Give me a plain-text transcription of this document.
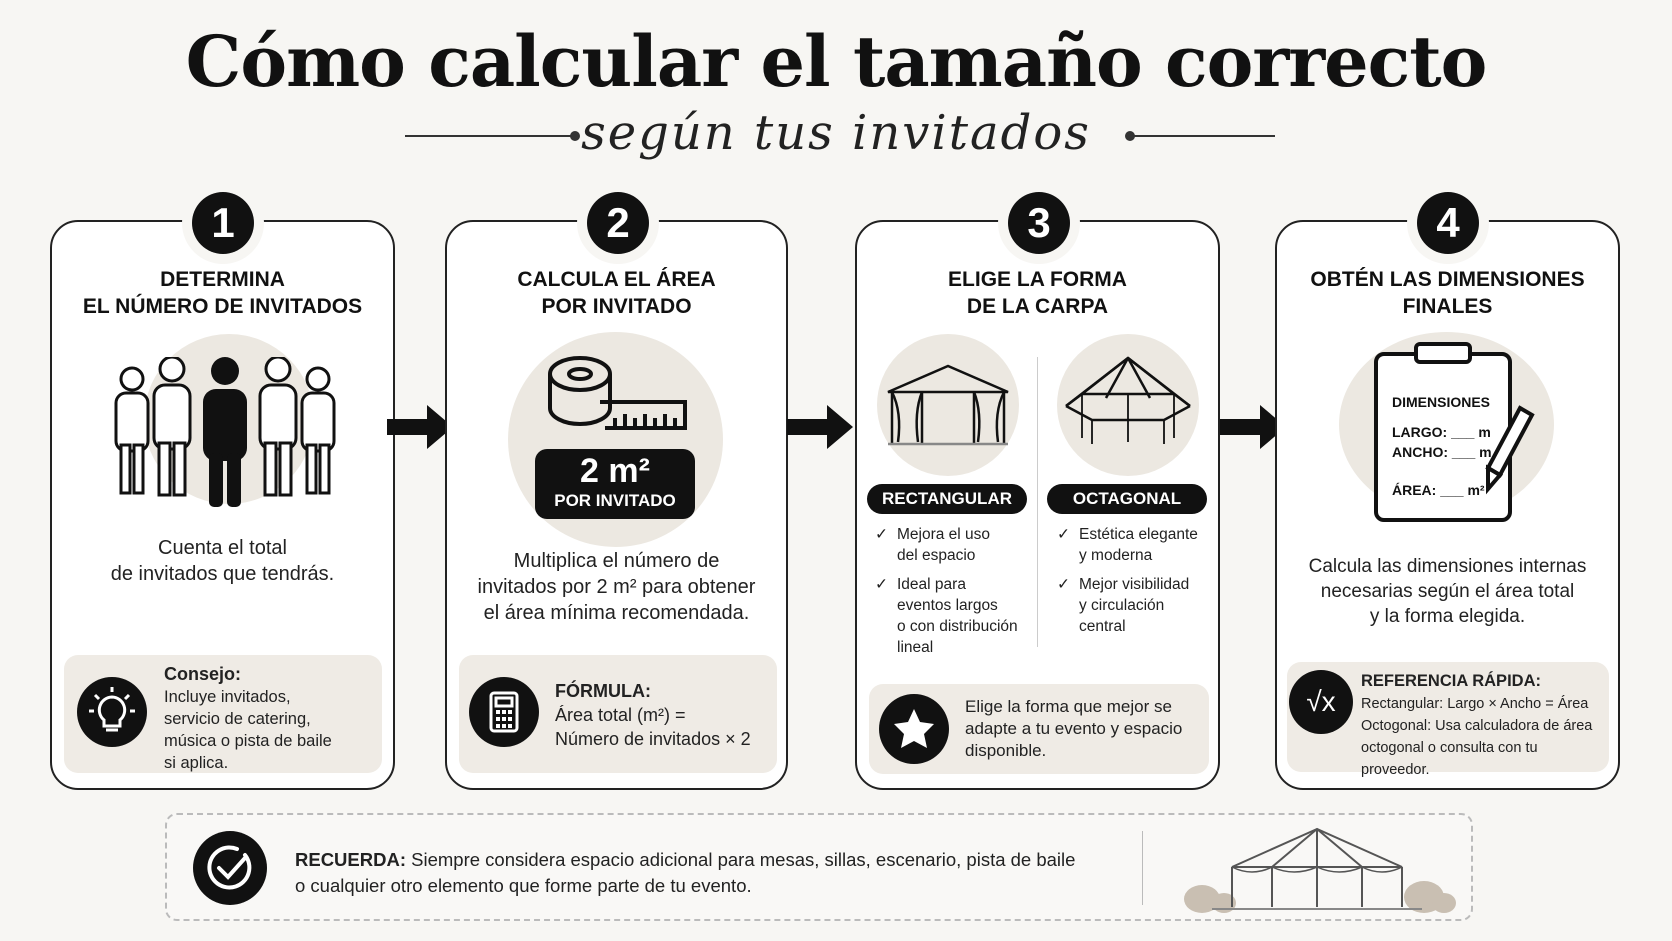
Cómo calcular el tamaño correcto
según tus invitados
1
DETERMINA
EL NÚMERO DE INVITADOS
Cuenta el total
de invitados que tendrás.
Consejo:
Incluye invitados,
servicio de catering,
música o pista de baile
si aplica.
2
CALCULA EL ÁREA
POR INVITADO
2 m²
POR INVITADO
Multiplica el número de
invitados por 2 m² para obtener
el área mínima recomendada.
FÓRMULA:
Área total (m²) =
Número de invitados × 2
3
ELIGE LA FORMA
DE LA CARPA
RECTANGULAR	OCTAGONAL
✓ Mejora el uso
del espacio
✓ Ideal para
eventos largos
o con distribución
lineal
✓ Estética elegante
y moderna
✓ Mejor visibilidad
y circulación
central
Elige la forma que mejor se
adapte a tu evento y espacio
disponible.
4
OBTÉN LAS DIMENSIONES
FINALES
DIMENSIONES
LARGO: ___ m
ANCHO: ___ m
ÁREA: ___ m²
Calcula las dimensiones internas
necesarias según el área total
y la forma elegida.
√x
REFERENCIA RÁPIDA:
Rectangular: Largo × Ancho = Área
Octogonal: Usa calculadora de área
octogonal o consulta con tu proveedor.
RECUERDA: Siempre considera espacio adicional para mesas, sillas, escenario, pista de baile
o cualquier otro elemento que forme parte de tu evento.
